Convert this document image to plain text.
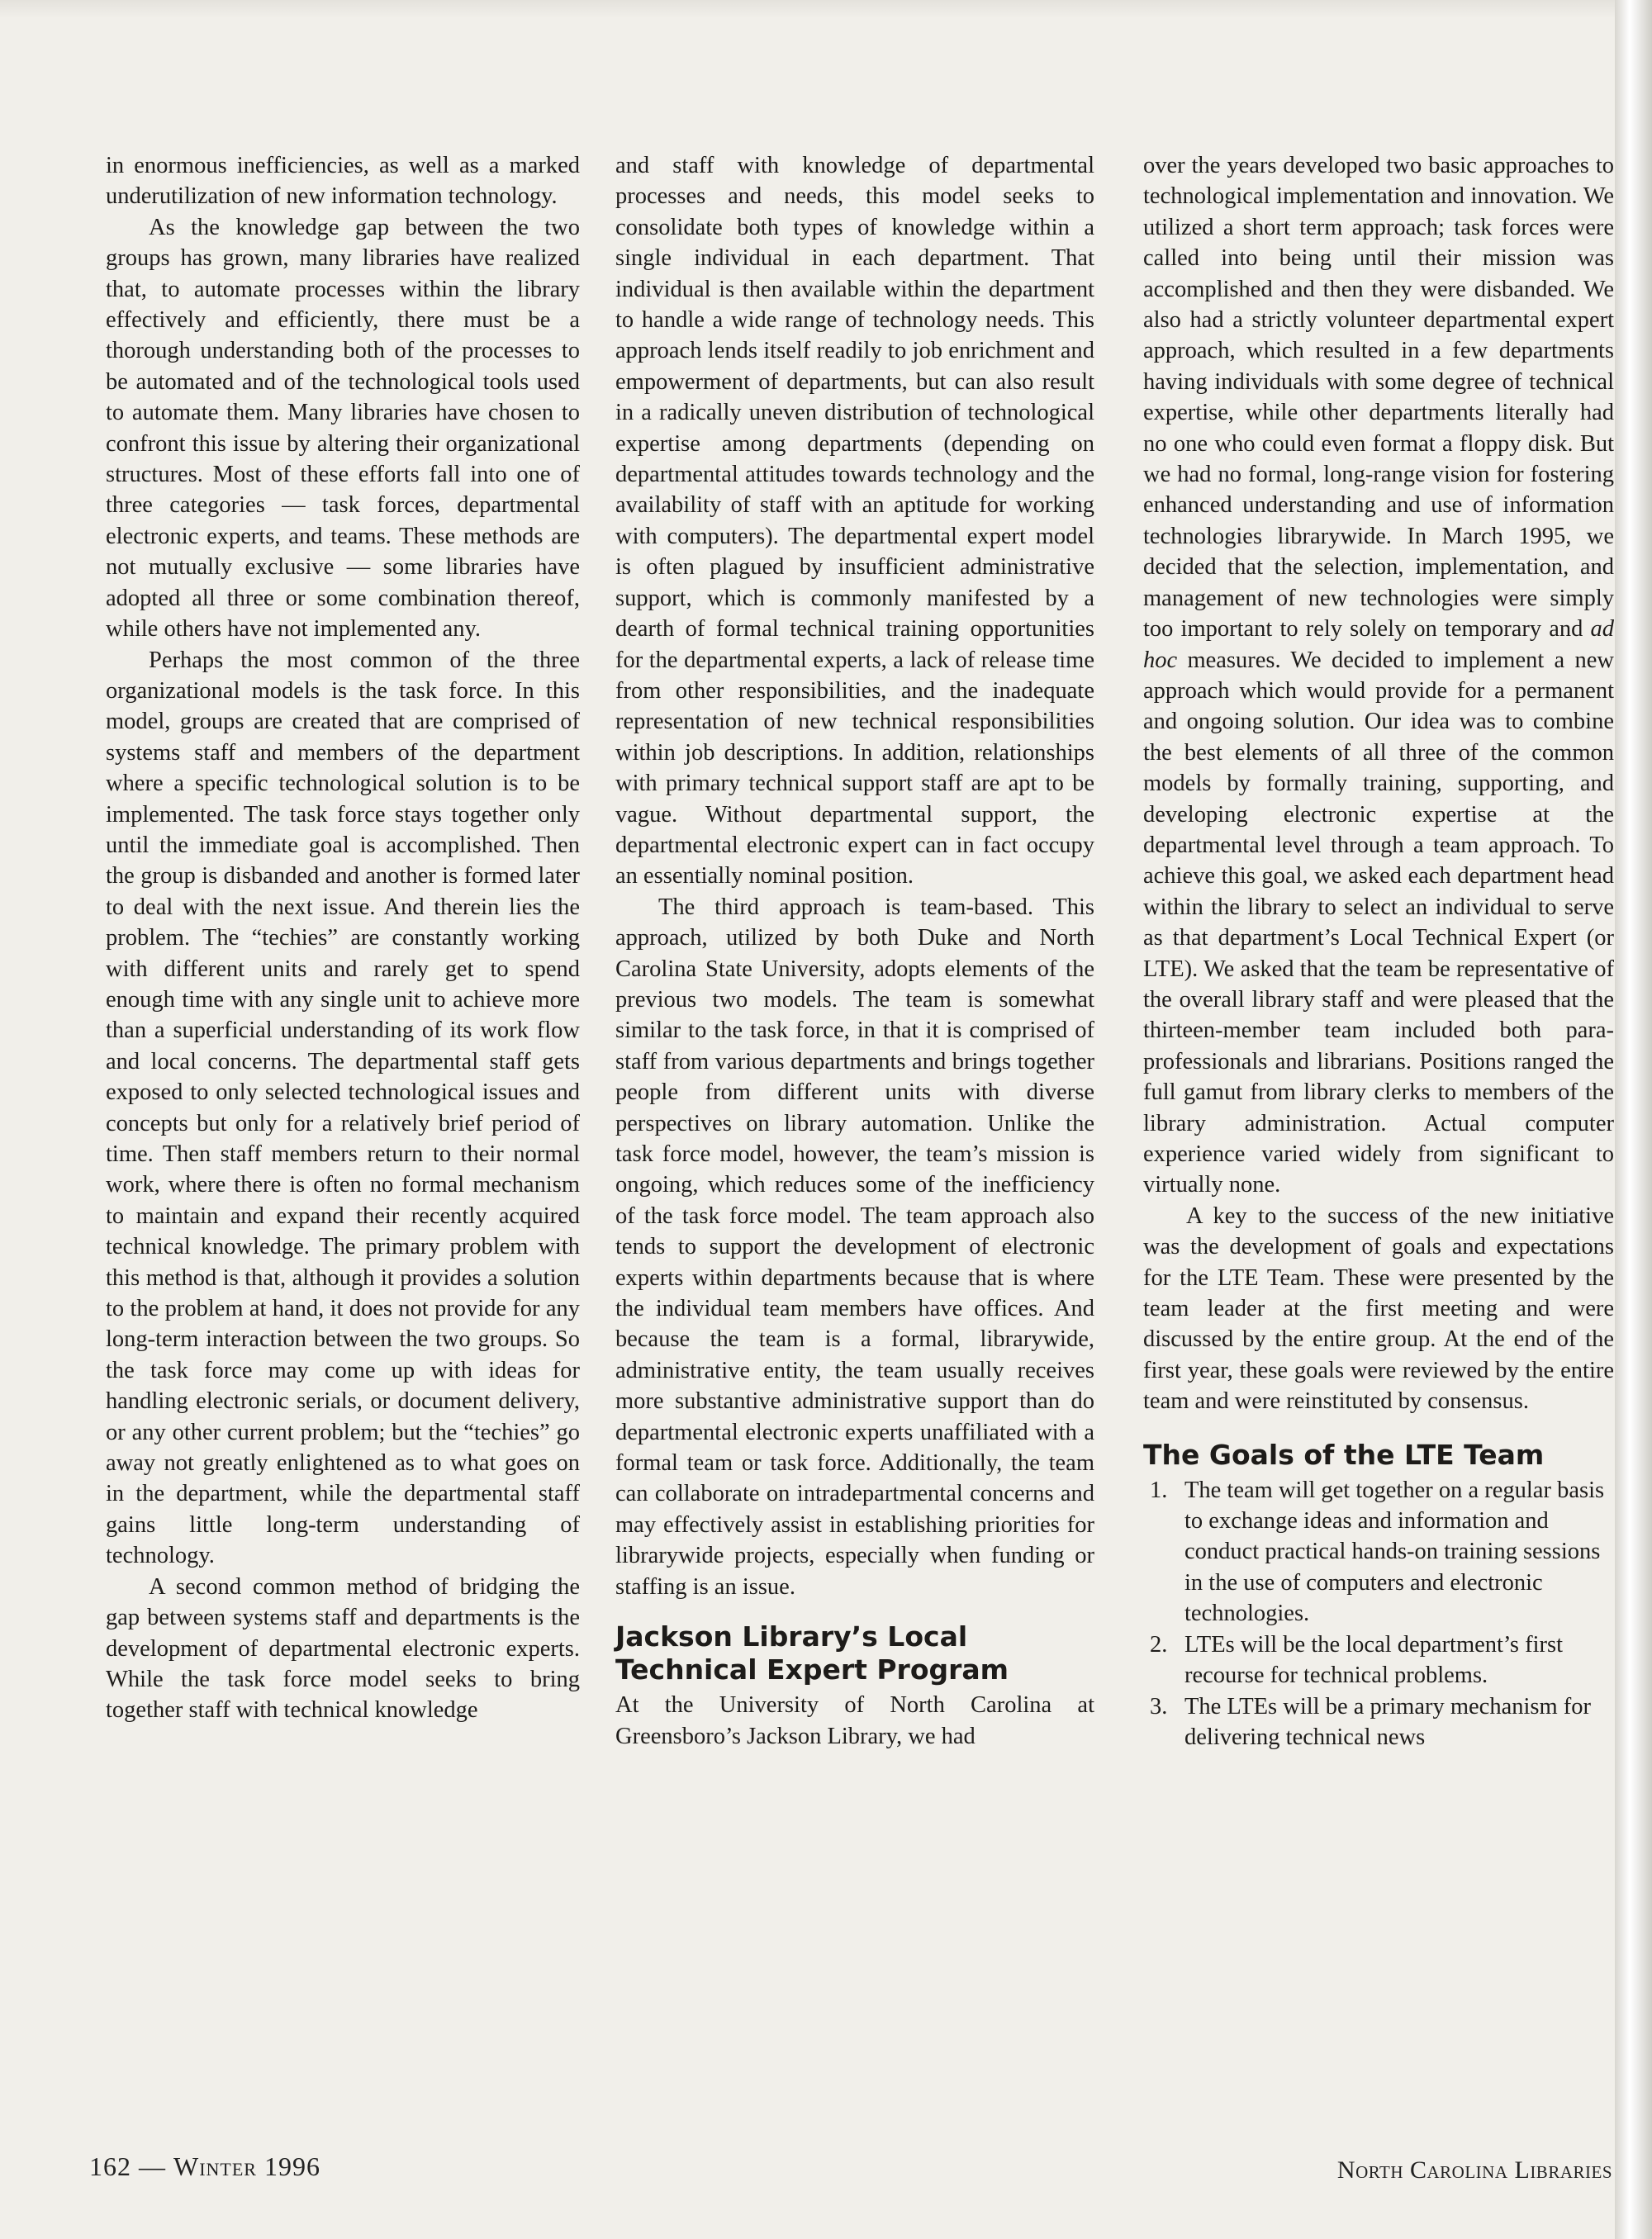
in enormous inefficiencies, as well as a marked underutilization of new information technology.

As the knowledge gap between the two groups has grown, many libraries have realized that, to automate processes within the library effectively and efficiently, there must be a thorough understanding both of the processes to be automated and of the technological tools used to automate them. Many libraries have chosen to confront this issue by altering their organizational structures. Most of these efforts fall into one of three categories — task forces, departmental electronic experts, and teams. These methods are not mutually exclusive — some libraries have adopted all three or some combination thereof, while others have not implemented any.

Perhaps the most common of the three organizational models is the task force. In this model, groups are created that are comprised of systems staff and members of the department where a specific technological solution is to be implemented. The task force stays together only until the immediate goal is accomplished. Then the group is disbanded and another is formed later to deal with the next issue. And therein lies the problem. The “techies” are constantly working with different units and rarely get to spend enough time with any single unit to achieve more than a superficial understanding of its work flow and local concerns. The departmental staff gets exposed to only selected technological issues and concepts but only for a relatively brief period of time. Then staff members return to their normal work, where there is often no formal mechanism to maintain and expand their recently acquired technical knowledge. The primary problem with this method is that, although it provides a solution to the problem at hand, it does not provide for any long-term interaction between the two groups. So the task force may come up with ideas for handling electronic serials, or document delivery, or any other current problem; but the “techies” go away not greatly enlightened as to what goes on in the department, while the departmental staff gains little long-term understanding of technology.

A second common method of bridging the gap between systems staff and departments is the development of departmental electronic experts. While the task force model seeks to bring together staff with technical knowledge

and staff with knowledge of departmental processes and needs, this model seeks to consolidate both types of knowledge within a single individual in each department. That individual is then available within the department to handle a wide range of technology needs. This approach lends itself readily to job enrichment and empowerment of departments, but can also result in a radically uneven distribution of technological expertise among departments (depending on departmental attitudes towards technology and the availability of staff with an aptitude for working with computers). The departmental expert model is often plagued by insufficient administrative support, which is commonly manifested by a dearth of formal technical training opportunities for the departmental experts, a lack of release time from other responsibilities, and the inadequate representation of new technical responsibilities within job descriptions. In addition, relationships with primary technical support staff are apt to be vague. Without departmental support, the departmental electronic expert can in fact occupy an essentially nominal position.

The third approach is team-based. This approach, utilized by both Duke and North Carolina State University, adopts elements of the previous two models. The team is somewhat similar to the task force, in that it is comprised of staff from various departments and brings together people from different units with diverse perspectives on library automation. Unlike the task force model, however, the team’s mission is ongoing, which reduces some of the inefficiency of the task force model. The team approach also tends to support the development of electronic experts within departments because that is where the individual team members have offices. And because the team is a formal, librarywide, administrative entity, the team usually receives more substantive administrative support than do departmental electronic experts unaffiliated with a formal team or task force. Additionally, the team can collaborate on intradepartmental concerns and may effectively assist in establishing priorities for librarywide projects, especially when funding or staffing is an issue.

Jackson Library’s Local Technical Expert Program

At the University of North Carolina at Greensboro’s Jackson Library, we had

over the years developed two basic approaches to technological implementation and innovation. We utilized a short term approach; task forces were called into being until their mission was accomplished and then they were disbanded. We also had a strictly volunteer departmental expert approach, which resulted in a few departments having individuals with some degree of technical expertise, while other departments literally had no one who could even format a floppy disk. But we had no formal, long-range vision for fostering enhanced understanding and use of information technologies librarywide. In March 1995, we decided that the selection, implementation, and management of new technologies were simply too important to rely solely on temporary and ad hoc measures. We decided to implement a new approach which would provide for a permanent and ongoing solution. Our idea was to combine the best elements of all three of the common models by formally training, supporting, and developing electronic expertise at the departmental level through a team approach. To achieve this goal, we asked each department head within the library to select an individual to serve as that department’s Local Technical Expert (or LTE). We asked that the team be representative of the overall library staff and were pleased that the thirteen-member team included both para-professionals and librarians. Positions ranged the full gamut from library clerks to members of the library administration. Actual computer experience varied widely from significant to virtually none.

A key to the success of the new initiative was the development of goals and expectations for the LTE Team. These were presented by the team leader at the first meeting and were discussed by the entire group. At the end of the first year, these goals were reviewed by the entire team and were reinstituted by consensus.

The Goals of the LTE Team
1. The team will get together on a regular basis to exchange ideas and information and conduct practical hands-on training sessions in the use of computers and electronic technologies.
2. LTEs will be the local department’s first recourse for technical problems.
3. The LTEs will be a primary mechanism for delivering technical news
162 — Winter 1996	North Carolina Libraries
